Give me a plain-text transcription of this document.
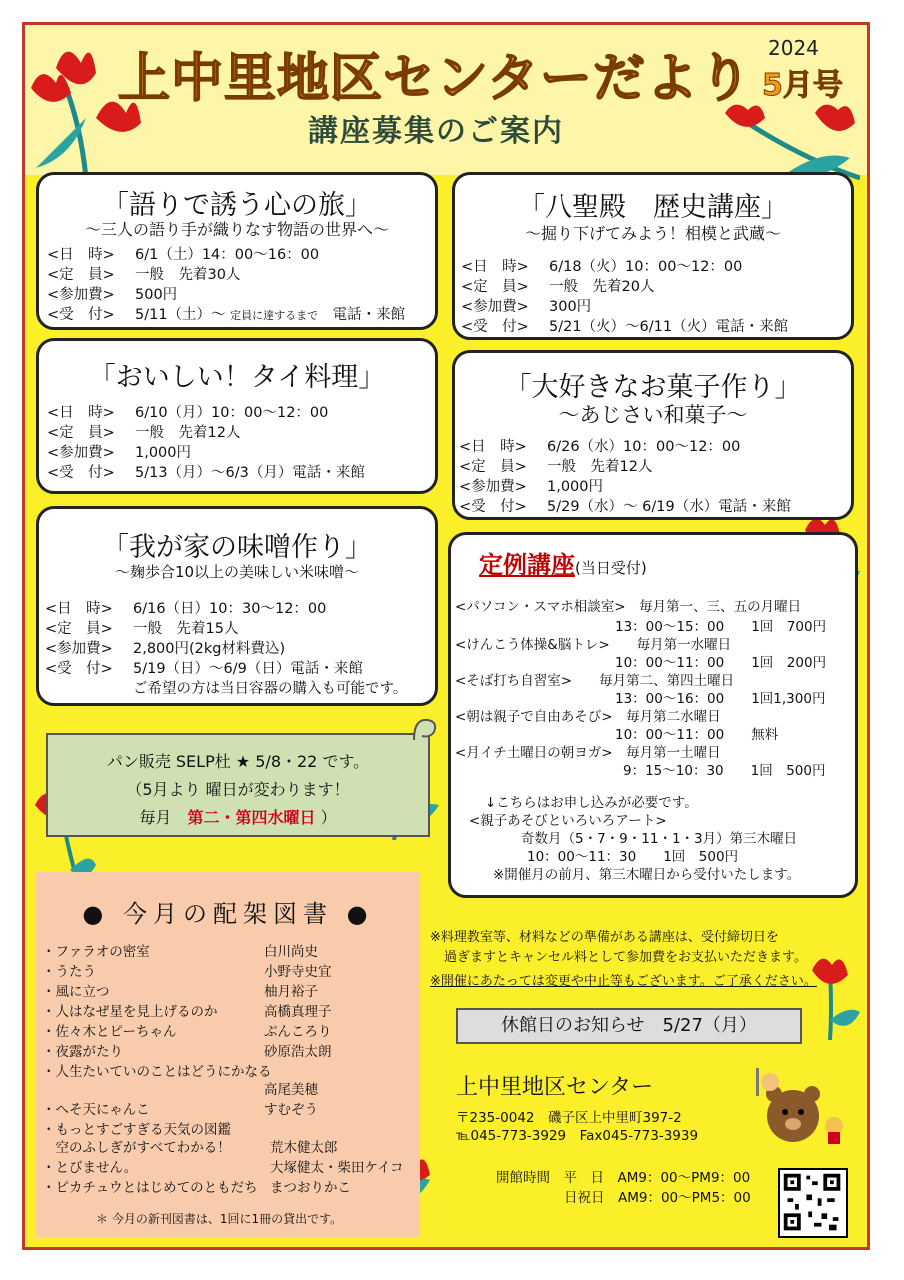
上中里地区センターだより
2024
5月号
講座募集のご案内
「語りで誘う心の旅」
～三人の語り手が織りなす物語の世界へ～
<日　時> 6/1（土）14：00～16：00
<定　員> 一般　先着30人
<参加費> 500円
<受　付> 5/11（土）～ 定員に達するまで　 電話・来館
「八聖殿　歴史講座」
～掘り下げてみよう！相模と武蔵～
<日　時> 6/18（火）10：00～12：00
<定　員> 一般　先着20人
<参加費> 300円
<受　付> 5/21（火）～6/11（火）電話・来館
「おいしい！タイ料理」
<日　時> 6/10（月）10：00～12：00
<定　員> 一般　先着12人
<参加費> 1,000円
<受　付> 5/13（月）～6/3（月）電話・来館
「大好きなお菓子作り」
～あじさい和菓子～
<日　時> 6/26（水）10：00～12：00
<定　員> 一般　先着12人
<参加費> 1,000円
<受　付> 5/29（水）～ 6/19（水）電話・来館
「我が家の味噌作り」
～麹歩合10以上の美味しい米味噌～
<日　時> 6/16（日）10：30～12：00
<定　員> 一般　先着15人
<参加費> 2,800円(2kg材料費込)
<受　付> 5/19（日）～6/9（日）電話・来館
ご希望の方は当日容器の購入も可能です。
定例講座(当日受付)
<パソコン・スマホ相談室>　 毎月第一、三、五の月曜日
13：00～15：00　　1回　700円
<けんこう体操&脳トレ>　　 毎月第一水曜日
10：00～11：00　　1回　200円
<そば打ち自習室>　　 毎月第二、第四土曜日
13：00～16：00　　1回1,300円
<朝は親子で自由あそび>　 毎月第二水曜日
10：00～11：00　　無料
<月イチ土曜日の朝ヨガ>　 毎月第一土曜日
9：15～10：30　　1回　500円
↓こちらはお申し込みが必要です。
<親子あそびといろいろアート>
奇数月（5・7・9・11・1・3月）第三木曜日
10：00～11：30　　1回　500円
※開催月の前月、第三木曜日から受付いたします。
パン販売 SELP杜 ★ 5/8・22 です。
（5月より 曜日が変わります！
毎月　 第二・第四水曜日 ）
● 今月の配架図書 ●
・ファラオの密室	白川尚史
・うたう	小野寺史宜
・風に立つ	柚月裕子
・人はなぜ星を見上げるのか	高橋真理子
・佐々木とピーちゃん	ぶんころり
・夜露がたり	砂原浩太朗
・人生たいていのことはどうにかなる
高尾美穂
・へそ天にゃんこ	すむぞう
・もっとすごすぎる天気の図鑑
　空のふしぎがすべてわかる！	荒木健太郎
・とびません。	大塚健太・柴田ケイコ
・ピカチュウとはじめてのともだち まつおりかこ
＊ 今月の新刊図書は、1回に1冊の貸出です。
※料理教室等、材料などの準備がある講座は、受付締切日を
過ぎますとキャンセル料として参加費をお支払いただきます。
※開催にあたっては変更や中止等もございます。ご了承ください。
休館日のお知らせ　5/27（月）
上中里地区センター
〒235-0042　磯子区上中里町397-2
℡045-773-3929　Fax045-773-3939
開館時間　 平　日　 AM9：00～PM9：00
日祝日　 AM9：00～PM5：00
